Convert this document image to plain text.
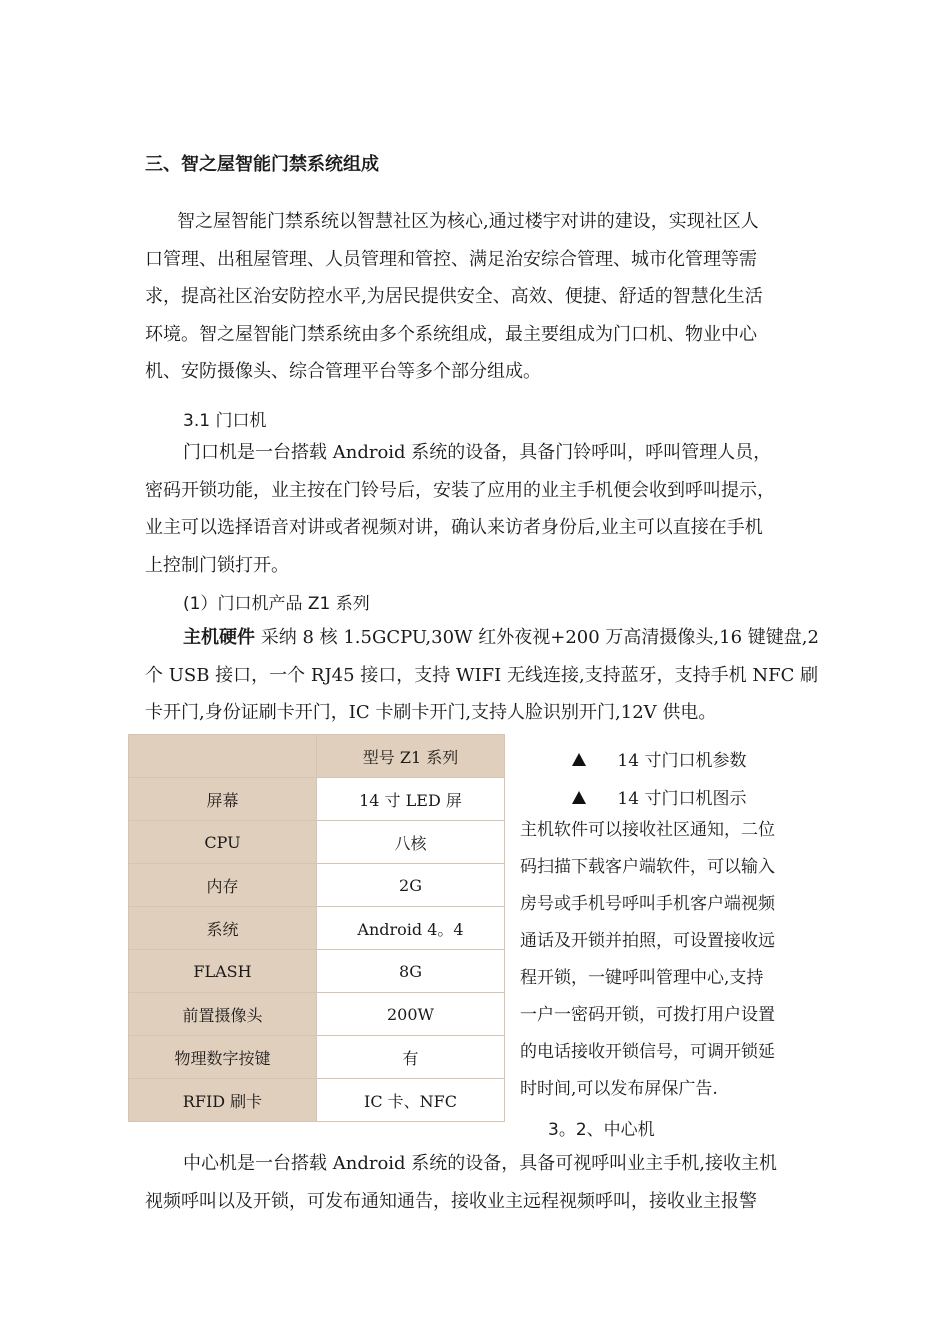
三、智之屋智能门禁系统组成

智之屋智能门禁系统以智慧社区为核心,通过楼宇对讲的建设，实现社区人

口管理、出租屋管理、人员管理和管控、满足治安综合管理、城市化管理等需

求，提高社区治安防控水平,为居民提供安全、高效、便捷、舒适的智慧化生活

环境。智之屋智能门禁系统由多个系统组成，最主要组成为门口机、物业中心

机、安防摄像头、综合管理平台等多个部分组成。

3.1 门口机

门口机是一台搭载 Android 系统的设备，具备门铃呼叫，呼叫管理人员，

密码开锁功能，业主按在门铃号后，安装了应用的业主手机便会收到呼叫提示，

业主可以选择语音对讲或者视频对讲，确认来访者身份后,业主可以直接在手机

上控制门锁打开。

(1）门口机产品 Z1 系列

主机硬件 采纳 8 核 1.5GCPU,30W 红外夜视+200 万高清摄像头,16 键键盘,2

个 USB 接口，一个 RJ45 接口，支持 WIFI 无线连接,支持蓝牙，支持手机 NFC 刷

卡开门,身份证刷卡开门，IC 卡刷卡开门,支持人脸识别开门,12V 供电。

	型号 Z1 系列
屏幕	14 寸 LED 屏
CPU	八核
内存	2G
系统	Android 4。4
FLASH	8G
前置摄像头	200W
物理数字按键	有
RFID 刷卡	IC 卡、NFC
14 寸门口机参数
14 寸门口机图示

主机软件可以接收社区通知，二位

码扫描下载客户端软件，可以输入

房号或手机号呼叫手机客户端视频

通话及开锁并拍照，可设置接收远

程开锁，一键呼叫管理中心,支持

一户一密码开锁，可拨打用户设置

的电话接收开锁信号，可调开锁延

时时间,可以发布屏保广告.

3。2、中心机

中心机是一台搭载 Android 系统的设备，具备可视呼叫业主手机,接收主机

视频呼叫以及开锁，可发布通知通告，接收业主远程视频呼叫，接收业主报警
